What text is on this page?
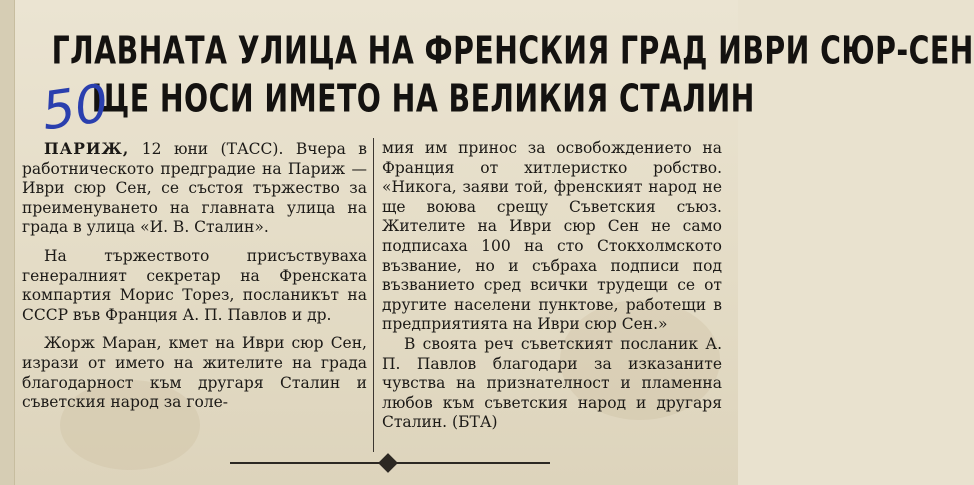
ГЛАВНАТА УЛИЦА НА ФРЕНСКИЯ ГРАД ИВРИ СЮР-СЕН
ЩЕ НОСИ ИМЕТО НА ВЕЛИКИЯ СТАЛИН
50

ПАРИЖ, 12 юни (ТАСС). Вчера в работническото предградие на Париж — Иври сюр Сен, се състоя тържество за преименуването на главната улица на града в улица «И. В. Сталин».

На тържеството присъствуваха генералният секретар на Френската компартия Морис Торез, посланикът на СССР във Франция А. П. Павлов и др.

Жорж Маран, кмет на Иври сюр Сен, изрази от името на жителите на града благодарност към другаря Сталин и съветския народ за голе-

мия им принос за освобождението на Франция от хитлеристко робство. «Никога, заяви той, френският народ не ще воюва срещу Съветския съюз. Жителите на Иври сюр Сен не само подписаха 100 на сто Стокхолмското възвание, но и събраха подписи под възванието сред всички трудещи се от другите населени пунктове, работещи в предприятията на Иври сюр Сен.»

В своята реч съветският посланик А. П. Павлов благодари за изказаните чувства на признателност и пламенна любов към съветския народ и другаря Сталин. (БТА)
